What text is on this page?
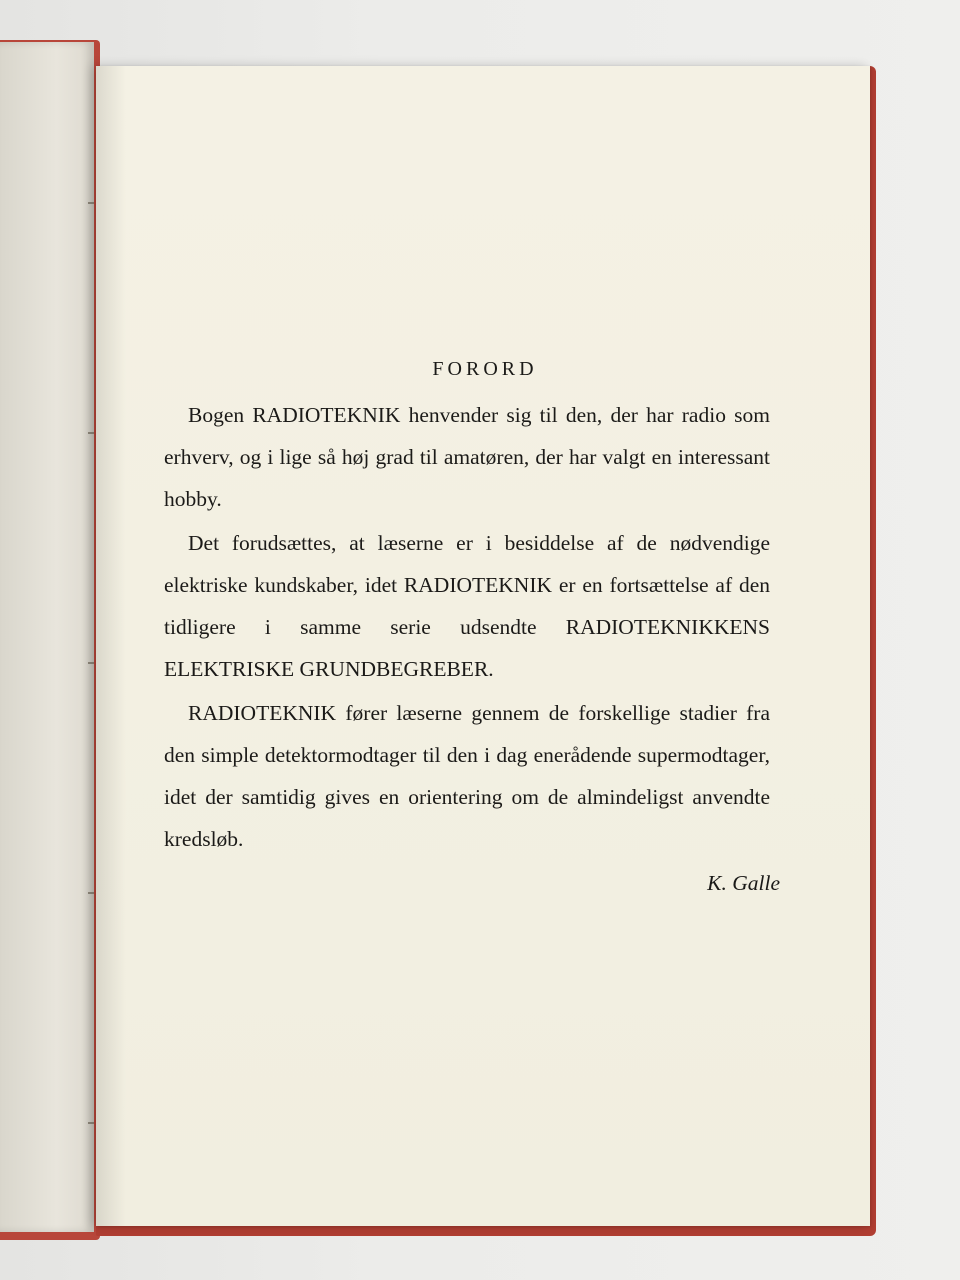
FORORD

Bogen RADIOTEKNIK henvender sig til den, der har radio som erhverv, og i lige så høj grad til amatøren, der har valgt en interessant hobby.

Det forudsættes, at læserne er i besiddelse af de nødvendige elektriske kundskaber, idet RADIOTEKNIK er en fortsættelse af den tidligere i samme serie udsendte RADIOTEKNIKKENS ELEKTRISKE GRUNDBEGREBER.

RADIOTEKNIK fører læserne gennem de forskellige stadier fra den simple detektormodtager til den i dag enerådende supermodtager, idet der samtidig gives en orientering om de almindeligst anvendte kredsløb.

K. Galle
